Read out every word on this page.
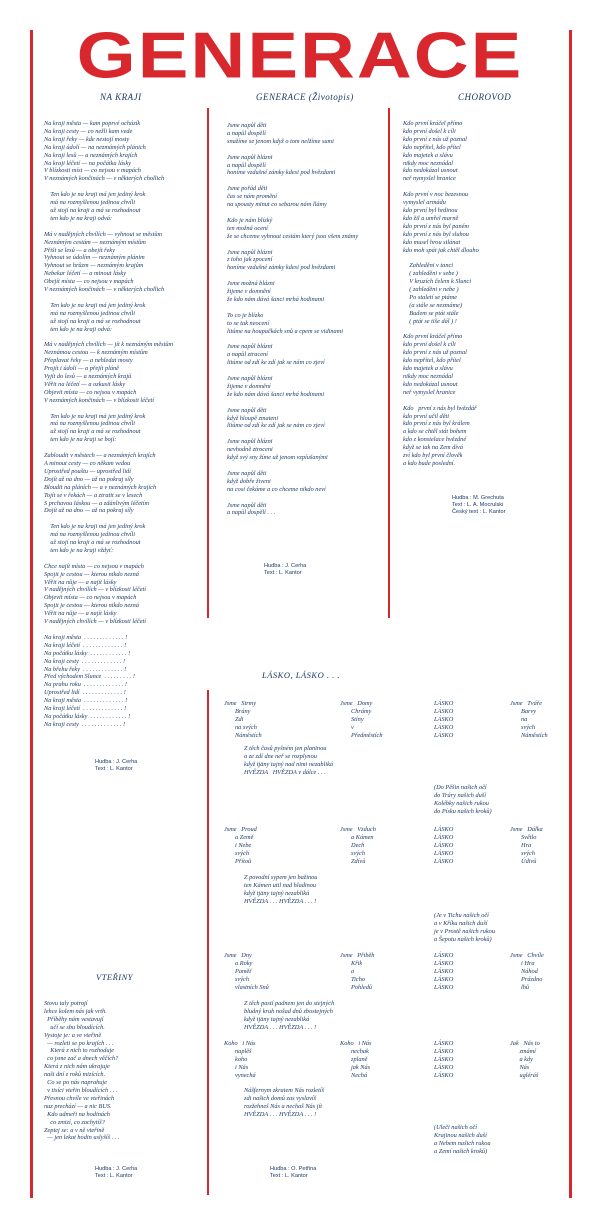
GENERACE
NA KRAJI	GENERACE (Životopis)	CHOROVOD
Na kraji města — kam poprvé ocházík
Na kraji cesty — co nežli kam vede
Na kraji řeky — kde nestojí mosty
Na kraji údolí — na nezmámých plánich
Na kraji lesů — a neznámých krajích
Na kraji léčetí — na počátku lásky
V blízkosti míst — co nejsou v mapách
V neznámých končinách — v některých chollich

Ten kdo je na kraji má jen jediný krok
má na rozmyšlenou jedinou chvíli
už stojí na kraji a má se rozhodnout
ten kdo je na kraji odvá:

Má v nadějných chvílích — vyhnout se městům
Neznámým cestám — neznámým místům
Přišt se lesů — a obejít řeky
Vyhnout se údolím — neznámým plánim
Vyhnout se hrůzm — neznámým krajům
Nebekar léčetí — a minout lásky
Obejít místa — co nejsou v mapách
V neznámých končinách — v některých chollich

Ten kdo je na kraji má jen jediný krok
má na rozmyšlenou jedinou chvíli
už stojí na kraji a má se rozhodnout
ten kdo je na kraji odvá:

Má v nadějných chvílích — jít k neznámým městům
Neznámou cestou — k neznámým místům
Přeplavat řeky — a nehledat mosty
Projít i údolí — a přejít pláně
Vyjít do lesů — a neznámých krajů
Věřit na léčetí — a ozkusit lásky
Objevit místa — co nejsou v mapách
V neznámých končinách — v blízkosti léčetí

Ten kdo je na kraji má jen jediný krok
má na rozmyšlenou jedinou chvíli
už stojí na kraji a má se rozhodnout
ten kdo je na kraji se bojí:

Zabloudit v městech — a neznámých krajích
A minout cesty — co někam vedou
Uprostřed pouštu — uprostřed lidí
Dojít až na dno — až na pokraj síly
Bloudit na pláních — a v neznámých krajích
Tojít se v řekách — a ztratit se v lesech
S prchavou láskou — a zdánlivým léčetím
Dojít až na dno — až na pokraj síly

Ten kdo je na kraji má jen jediný krok
má na rozmyšlenou jedinou chvíli
už stojí na kraji a má se rozhodnout
ten kdo je na kraji vždyť:

Chce najít místa — co nejsou v mapách
Spojit je cestou — kterou nikdo nezná
Věřit na nůje — a najít lásky
V nadějných chvílích — v blízkosti léčetí
Objevit místa — co nejsou v mapách
Spojit je cestou — kterou nikdo nezná
Věřit na nůje — a najít lásky
V nadějných chvílích — v blízkosti léčetí

Na kraji města  . . . . . . . . . . . . . !
Na kraji léčetí  . . . . . . . . . . . . . !
Na počátku lásky  . . . . . . . . . . . . !
Na kraji cesty  . . . . . . . . . . . . . !
Na břehu řeky  . . . . . . . . . . . . . !
Před východem Slunce  . . . . . . . . . !
Na prahu roku  . . . . . . . . . . . . . !
Uprostřed lidí  . . . . . . . . . . . . . !
Na kraji města  . . . . . . . . . . . . . !
Na kraji léčetí  . . . . . . . . . . . . . !
Na počátku lásky  . . . . . . . . . . . . !
Na kraji cesty  . . . . . . . . . . . . . !
Hudba : J. Cerha
Text : L. Kantor
Jsme napůl děti
a napůl dospělí
snažíme se jenom když o tom nelžíme sumi

Jsme napůl blázni
a napůl dospělí
honíme vzdušné zámky kdesi pod hvězdami

Jsme pořád děti
čas se nám promění
na spousty minut co sebarou nám llámy

Kdo je nám blízký
ten možná ocení
že se chceme vyhnout cestám který jsou všem známy

Jsme napůl blázni
z toho jak zpocení
honíme vzdušné zámky kdesi pod hvězdami

Jsme možná blázni
žijeme v domnění
že kdo nám dává šanci mrhá hodinami

To co je blízko
to se tak neocení
litúme na houpačkách snů a cpem se vidinami

Jsme napůl blázni
a napůl ztracení
litúme od zdí ke zdí jak se nám co zjeví

Jsme napůl blázni
žijeme v domnění
že kdo nám dává šanci mrhá hodinami

Jsme napůl děti
když hloupě zmateni
litúme od zdí ke zdí jak se nám co zjeví

Jsme napůl blázni
nevhodně ztroceni
když svý sny žíme už jenom vzpíušanými

Jsme napůl děti
když dobře živeni
na cosi čekáme a co chceme nikdo neví

Jsme napůl děti
a napůl dospělí . . .
Hudba : J. Cerha
Text : L. Kantor
Kdo první kráčel přímo
kdo první došel k cíli
kdo první z nás už poznal
kdo nepřítel, kdo přítel
kdo majetek a slávu
nikdy moc neznádal
kdo nedokázal usnout
neř nymyslel hranice

Kdo první v noc bezesnou
vymyslel armádu
kdo první byl hrdinou
kdo žil a umřel marně
kdo první z nás byl paném
kdo první z nás byl sluhou
kdo musel hrou stlánat
kdo moh spát jak chtěl dlouho

Zahleděni v tanci
( zahleděni v sebe )
V kruzích čelem k Slunci
( zahleděni v nebe )
Po staletí se ptáme
(a stále se nezmáme)
Budem se ptát stále
( ptát se tiše dál ) !

Kdo první kráčel přímo
kdo první došel k cíli
kdo první z nás už poznal
kdo nepřítel, kdo přítel
kdo majetek a slávu
nikdy moc neznádal
kdo nedokázal usnout
neř vymyslel hranice

Kdo   první z nás byl hvězdář
kdo první učil děti
kdo první z nás byl králem
a kdo se chtěl stát bohem
kdo z konstelace hvězdné
když se tak na Zem dívá
zví kdo byl první člověk
a kdo bude poslední.
Hudba : M. Grechuta
Text : L. A. Mocrulski
Český text : L. Kantor
LÁSKO, LÁSKO . . .
Jsme   Strmy
Brány
Zdi
na svých
Náměstích
Jsme   Domy
Chrámy
Stíny
v
Předměstích
LÁSKO
LÁSKO
LÁSKO
LÁSKO
LÁSKO
Jsme   Tváře
Barvy
na
svých
Náměstích
Z těch časů pyšném jen planinou
a ze zdí dne neř se rozplynou
když tjäny tajný nad nimi nezabliká
HVĚZDA   HVĚZDA v dálce . . .
(Do Pěšin našich očí
do Tráry našich duší
Kolébky našich rukou
do Písku našich kroků)
Jsme   Proud
a Země
i Nebe
svých
Přítoů
Jsme   Vzduch
a Kámen
Dech
svých
Zdívů
LÁSKO
LÁSKO
LÁSKO
LÁSKO
LÁSKO
Jsme   Dálka
Světlo
Hra
svých
Údivů
Z povodní sypem jen bažinou
ten Kámen util nad hladinou
když tjäny tajný nezabliká
HVĚZDA . . . HVĚZDA . . . !
(Je v Tichu našich očí
a v Kříku našich duší
je v Prostě našich rukou
a Šepotu našich kroků)
Jsme   Dny
a Roky
Paměť
svých
vlastních Snů
Jsme   Přiběh
Křik
a
Ticho
Pohledů
LÁSKO
LÁSKO
LÁSKO
LÁSKO
LÁSKO
Jsme   Chvíle
i Hra
Náhod
Prázdno
lhů
Z těch pastí padnem jen do stejných
bludný kruh nošad dnů zbostejných
když tjäny tajný nezabliká
HVĚZDA . . . HVĚZDA . . . !
Koho   i Nás
naplěš
koho
i Nás
vynechá
Koho   i Nás
nechak
zplaně
jak Nás
Nechá
LÁSKO
LÁSKO
LÁSKO
LÁSKO
LÁSKO
Jak   Nás to
zmámí
a kdy
Nás
ugléráš
Nášfernym zkratem Nás rozletíš
zdi našich domů zas vyslavíš
rozžehneš Nás a nechaš Nás jít
HVĚZDA . . . HVĚZDA . . . !
(Uleči našich očí
Krajinou našich duší
a Nebem našich rukou
a Zemí našich kroků)
Hudba : O. Petřina
Text : L. Kantor
VTEŘINY
Stovu taly potrojí
lehce kolem nás jak vrth.
Příběhy nám vestavují
učí se sbu bloudících.
Vystoje je: a ve vteřině
— rozleti se po krajích . . .
Která z nich to rozhoduje
co jsme zač a dnech věčích?
Která z nich nám ukrajuje
naši dní z roků mizících.
Co se po nás naprahuje
v tisíci vteřin bloudících . . .
Přesnou chvíle ve vteřinách
nuz prechází — a nic BUS.
Kdo udmeři na hodinách
co zmizí, co zachytíš?
Zeptej se: a v ně vteřině
— jen lekat hodin uslyšíš . . .
Hudba : J. Cerha
Text : L. Kantor
